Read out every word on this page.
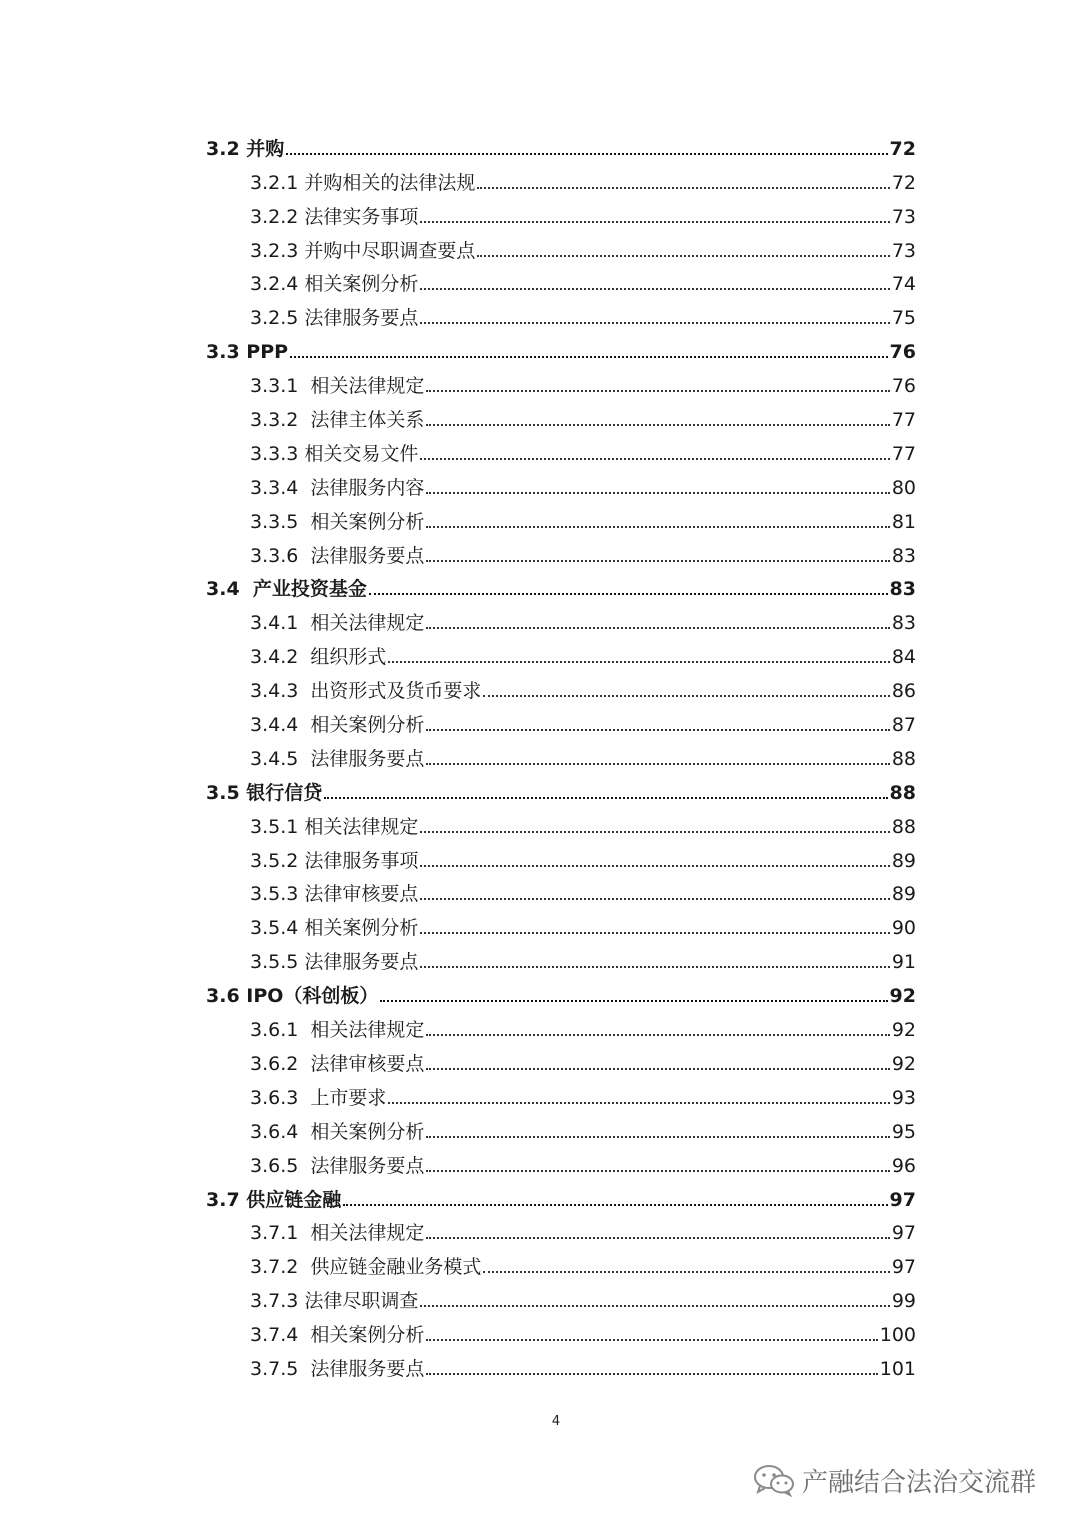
3.2 并购	72
3.2.1 并购相关的法律法规	72
3.2.2 法律实务事项	73
3.2.3 并购中尽职调查要点	73
3.2.4 相关案例分析	74
3.2.5 法律服务要点	75
3.3 PPP	76
3.3.1  相关法律规定	76
3.3.2  法律主体关系	77
3.3.3 相关交易文件	77
3.3.4  法律服务内容	80
3.3.5  相关案例分析	81
3.3.6  法律服务要点	83
3.4  产业投资基金	83
3.4.1  相关法律规定	83
3.4.2  组织形式	84
3.4.3  出资形式及货币要求	86
3.4.4  相关案例分析	87
3.4.5  法律服务要点	88
3.5 银行信贷	88
3.5.1 相关法律规定	88
3.5.2 法律服务事项	89
3.5.3 法律审核要点	89
3.5.4 相关案例分析	90
3.5.5 法律服务要点	91
3.6 IPO（科创板）	92
3.6.1  相关法律规定	92
3.6.2  法律审核要点	92
3.6.3  上市要求	93
3.6.4  相关案例分析	95
3.6.5  法律服务要点	96
3.7 供应链金融	97
3.7.1  相关法律规定	97
3.7.2  供应链金融业务模式	97
3.7.3 法律尽职调查	99
3.7.4  相关案例分析	100
3.7.5  法律服务要点	101
4
产融结合法治交流群
